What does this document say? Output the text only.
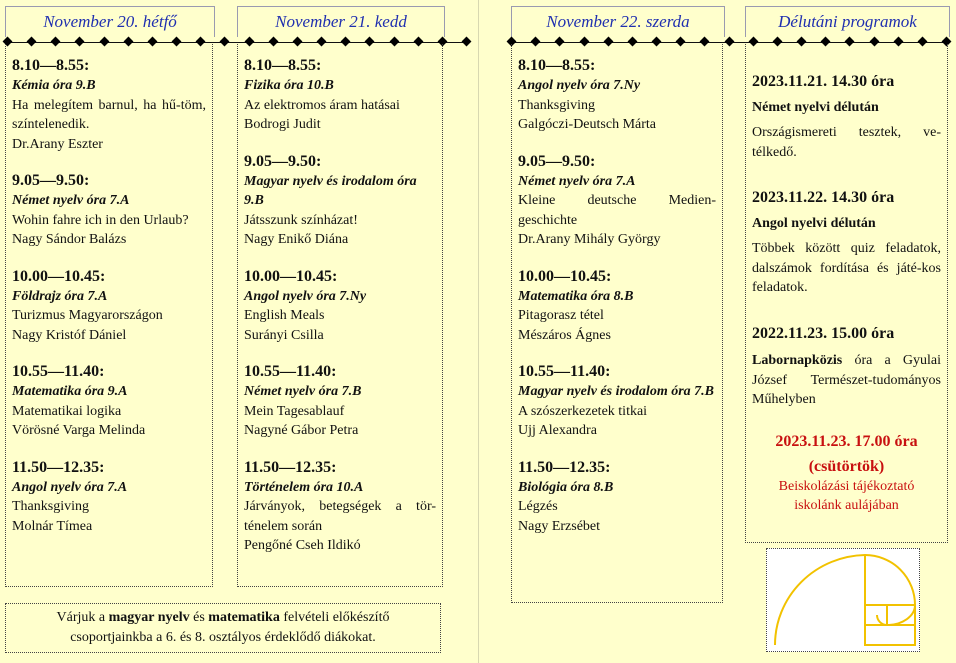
November 20. hétfő	November 21. kedd	November 22. szerda	Délutáni programok
8.10—8.55:
Kémia óra 9.B
Ha melegítem barnul, ha hű-töm, színtelenedik.
Dr.Arany Eszter
9.05—9.50:
Német nyelv óra 7.A
Wohin fahre ich in den Urlaub?
Nagy Sándor Balázs
10.00—10.45:
Földrajz óra 7.A
Turizmus Magyarországon
Nagy Kristóf Dániel
10.55—11.40:
Matematika óra 9.A
Matematikai logika
Vörösné Varga Melinda
11.50—12.35:
Angol nyelv óra 7.A
Thanksgiving
Molnár Tímea
8.10—8.55:
Fizika óra 10.B
Az elektromos áram hatásai
Bodrogi Judit
9.05—9.50:
Magyar nyelv és irodalom óra 9.B
Játsszunk színházat!
Nagy Enikő Diána
10.00—10.45:
Angol nyelv óra 7.Ny
English Meals
Surányi Csilla
10.55—11.40:
Német nyelv óra 7.B
Mein Tagesablauf
Nagyné Gábor Petra
11.50—12.35:
Történelem óra 10.A
Járványok, betegségek a tör-ténelem során
Pengőné Cseh Ildikó
8.10—8.55:
Angol nyelv óra 7.Ny
Thanksgiving
Galgóczi-Deutsch Márta
9.05—9.50:
Német nyelv óra 7.A
Kleine deutsche Medien-geschichte
Dr.Arany Mihály György
10.00—10.45:
Matematika óra 8.B
Pitagorasz tétel
Mészáros Ágnes
10.55—11.40:
Magyar nyelv és irodalom óra 7.B
A szószerkezetek titkai
Ujj Alexandra
11.50—12.35:
Biológia óra 8.B
Légzés
Nagy Erzsébet
2023.11.21. 14.30 óra
Német nyelvi délután
Országismereti tesztek, ve-télkedő.
2023.11.22. 14.30 óra
Angol nyelvi délután
Többek között quiz feladatok, dalszámok fordítása és játé-kos feladatok.
2022.11.23. 15.00 óra
Labornapközis óra a Gyulai József Természet-tudományos Műhelyben
2023.11.23. 17.00 óra
(csütörtök)
Beiskolázási tájékoztató
iskolánk aulájában
Várjuk a magyar nyelv és matematika felvételi előkészítő
csoportjainkba a 6. és 8. osztályos érdeklődő diákokat.
